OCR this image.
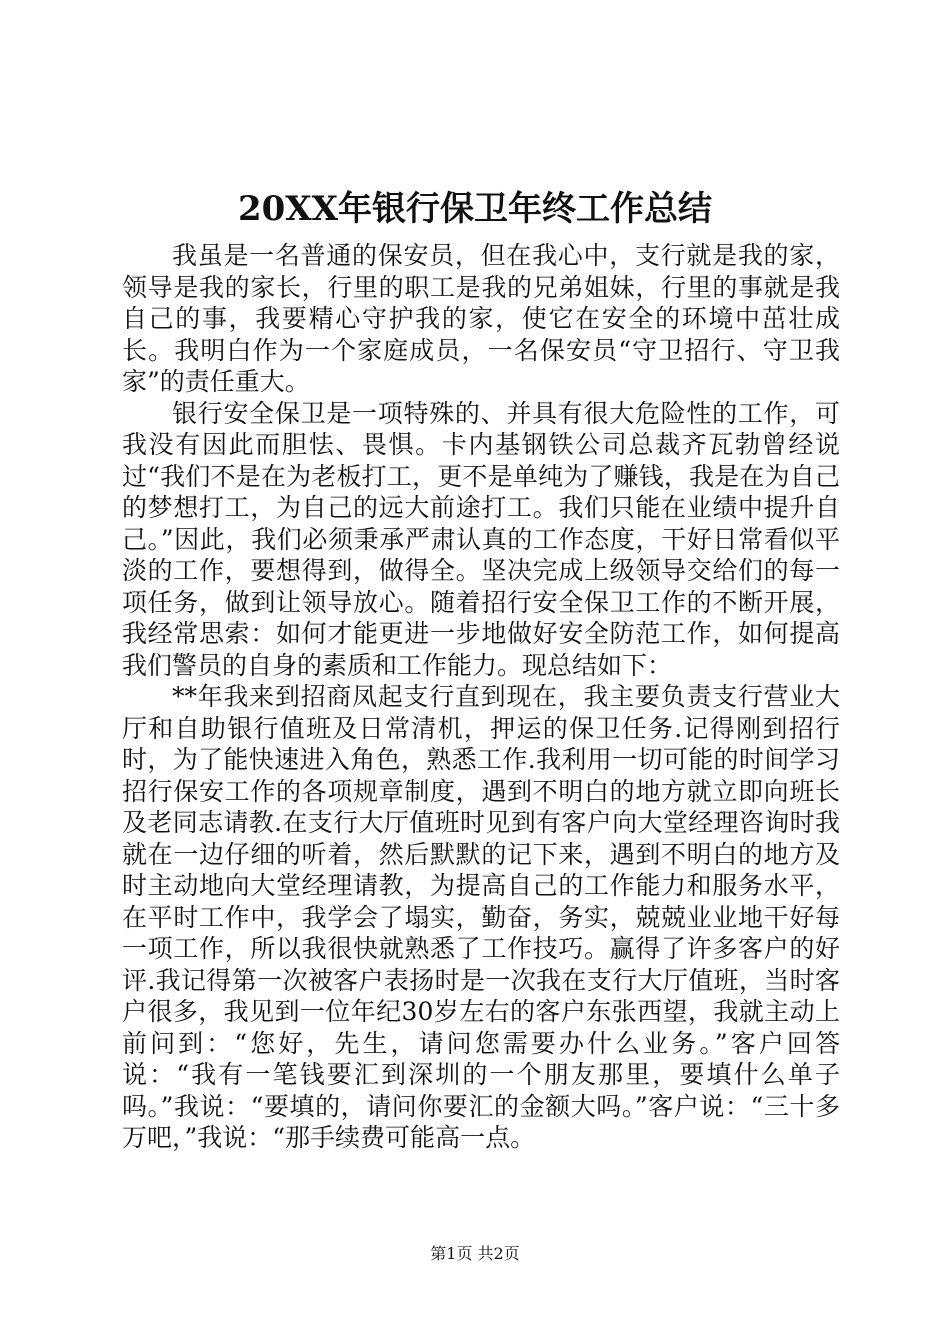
20XX年银行保卫年终工作总结

我虽是一名普通的保安员，但在我心中，支行就是我的家，领导是我的家长，行里的职工是我的兄弟姐妹，行里的事就是我自己的事，我要精心守护我的家，使它在安全的环境中茁壮成长。我明白作为一个家庭成员，一名保安员“守卫招行、守卫我家”的责任重大。

银行安全保卫是一项特殊的、并具有很大危险性的工作，可我没有因此而胆怯、畏惧。卡内基钢铁公司总裁齐瓦勃曾经说过“我们不是在为老板打工，更不是单纯为了赚钱，我是在为自己的梦想打工，为自己的远大前途打工。我们只能在业绩中提升自己。”因此，我们必须秉承严肃认真的工作态度，干好日常看似平淡的工作，要想得到，做得全。坚决完成上级领导交给们的每一项任务，做到让领导放心。随着招行安全保卫工作的不断开展，我经常思索：如何才能更进一步地做好安全防范工作，如何提高我们警员的自身的素质和工作能力。现总结如下：

**年我来到招商凤起支行直到现在，我主要负责支行营业大厅和自助银行值班及日常清机，押运的保卫任务.记得刚到招行时，为了能快速进入角色，熟悉工作.我利用一切可能的时间学习招行保安工作的各项规章制度，遇到不明白的地方就立即向班长及老同志请教.在支行大厅值班时见到有客户向大堂经理咨询时我就在一边仔细的听着，然后默默的记下来，遇到不明白的地方及时主动地向大堂经理请教，为提高自己的工作能力和服务水平，在平时工作中，我学会了塌实，勤奋，务实，兢兢业业地干好每一项工作，所以我很快就熟悉了工作技巧。赢得了许多客户的好评.我记得第一次被客户表扬时是一次我在支行大厅值班，当时客户很多，我见到一位年纪30岁左右的客户东张西望，我就主动上前问到：“您好，先生，请问您需要办什么业务。”客户回答说：“我有一笔钱要汇到深圳的一个朋友那里，要填什么单子吗。”我说：“要填的，请问你要汇的金额大吗。”客户说：“三十多万吧，”我说：“那手续费可能高一点。

第1页 共2页
